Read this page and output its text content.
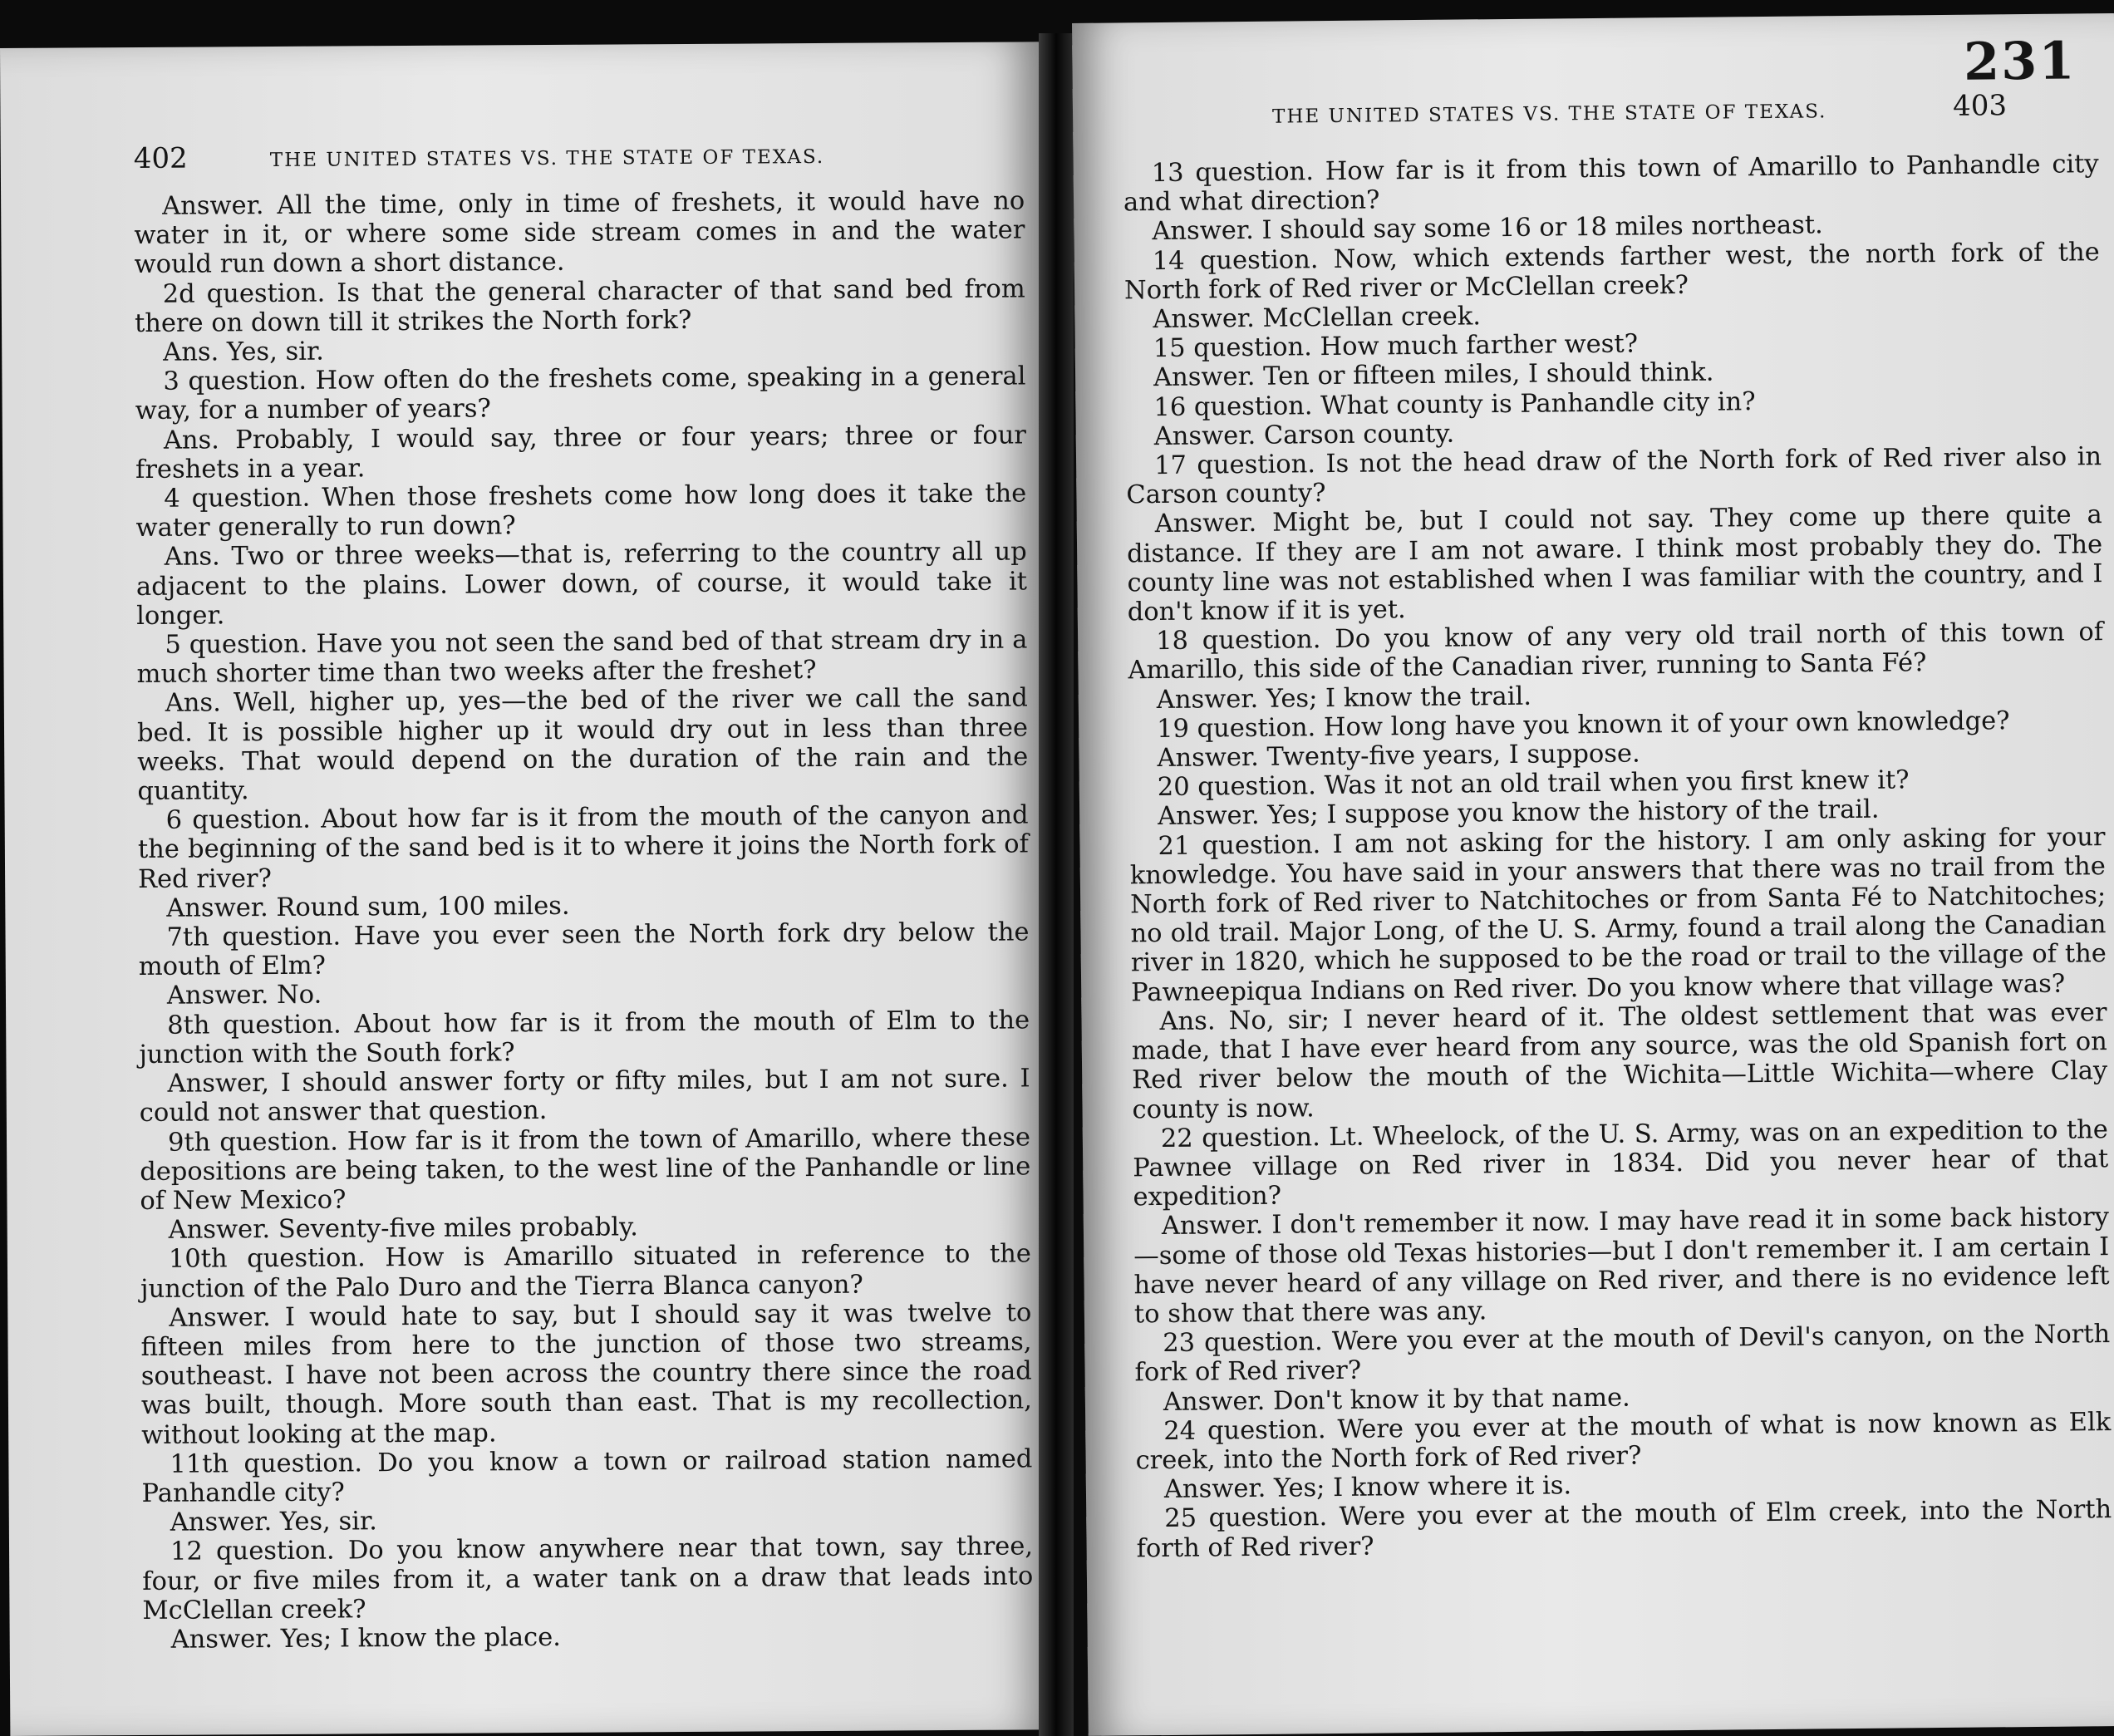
402	THE UNITED STATES VS. THE STATE OF TEXAS.

Answer. All the time, only in time of freshets, it would have no water in it, or where some side stream comes in and the water would run down a short distance.

2d question. Is that the general character of that sand bed from there on down till it strikes the North fork?

Ans. Yes, sir.

3 question. How often do the freshets come, speaking in a general way, for a number of years?

Ans. Probably, I would say, three or four years; three or four freshets in a year.

4 question. When those freshets come how long does it take the water generally to run down?

Ans. Two or three weeks—that is, referring to the country all up adjacent to the plains. Lower down, of course, it would take it longer.

5 question. Have you not seen the sand bed of that stream dry in a much shorter time than two weeks after the freshet?

Ans. Well, higher up, yes—the bed of the river we call the sand bed. It is possible higher up it would dry out in less than three weeks. That would depend on the duration of the rain and the quantity.

6 question. About how far is it from the mouth of the canyon and the beginning of the sand bed is it to where it joins the North fork of Red river?

Answer. Round sum, 100 miles.

7th question. Have you ever seen the North fork dry below the mouth of Elm?

Answer. No.

8th question. About how far is it from the mouth of Elm to the junction with the South fork?

Answer, I should answer forty or fifty miles, but I am not sure. I could not answer that question.

9th question. How far is it from the town of Amarillo, where these depositions are being taken, to the west line of the Panhandle or line of New Mexico?

Answer. Seventy-five miles probably.

10th question. How is Amarillo situated in reference to the junction of the Palo Duro and the Tierra Blanca canyon?

Answer. I would hate to say, but I should say it was twelve to fifteen miles from here to the junction of those two streams, southeast. I have not been across the country there since the road was built, though. More south than east. That is my recollection, without looking at the map.

11th question. Do you know a town or railroad station named Panhandle city?

Answer. Yes, sir.

12 question. Do you know anywhere near that town, say three, four, or five miles from it, a water tank on a draw that leads into McClellan creek?

Answer. Yes; I know the place.

231
THE UNITED STATES VS. THE STATE OF TEXAS.	403

13 question. How far is it from this town of Amarillo to Panhandle city and what direction?

Answer. I should say some 16 or 18 miles northeast.

14 question. Now, which extends farther west, the north fork of the North fork of Red river or McClellan creek?

Answer. McClellan creek.

15 question. How much farther west?

Answer. Ten or fifteen miles, I should think.

16 question. What county is Panhandle city in?

Answer. Carson county.

17 question. Is not the head draw of the North fork of Red river also in Carson county?

Answer. Might be, but I could not say. They come up there quite a distance. If they are I am not aware. I think most probably they do. The county line was not established when I was familiar with the country, and I don't know if it is yet.

18 question. Do you know of any very old trail north of this town of Amarillo, this side of the Canadian river, running to Santa Fé?

Answer. Yes; I know the trail.

19 question. How long have you known it of your own knowledge?

Answer. Twenty-five years, I suppose.

20 question. Was it not an old trail when you first knew it?

Answer. Yes; I suppose you know the history of the trail.

21 question. I am not asking for the history. I am only asking for your knowledge. You have said in your answers that there was no trail from the North fork of Red river to Natchitoches or from Santa Fé to Natchitoches; no old trail. Major Long, of the U. S. Army, found a trail along the Canadian river in 1820, which he supposed to be the road or trail to the village of the Pawneepiqua Indians on Red river. Do you know where that village was?

Ans. No, sir; I never heard of it. The oldest settlement that was ever made, that I have ever heard from any source, was the old Spanish fort on Red river below the mouth of the Wichita—Little Wichita—where Clay county is now.

22 question. Lt. Wheelock, of the U. S. Army, was on an expedition to the Pawnee village on Red river in 1834. Did you never hear of that expedition?

Answer. I don't remember it now. I may have read it in some back history—some of those old Texas histories—but I don't remember it. I am certain I have never heard of any village on Red river, and there is no evidence left to show that there was any.

23 question. Were you ever at the mouth of Devil's canyon, on the North fork of Red river?

Answer. Don't know it by that name.

24 question. Were you ever at the mouth of what is now known as Elk creek, into the North fork of Red river?

Answer. Yes; I know where it is.

25 question. Were you ever at the mouth of Elm creek, into the North forth of Red river?
